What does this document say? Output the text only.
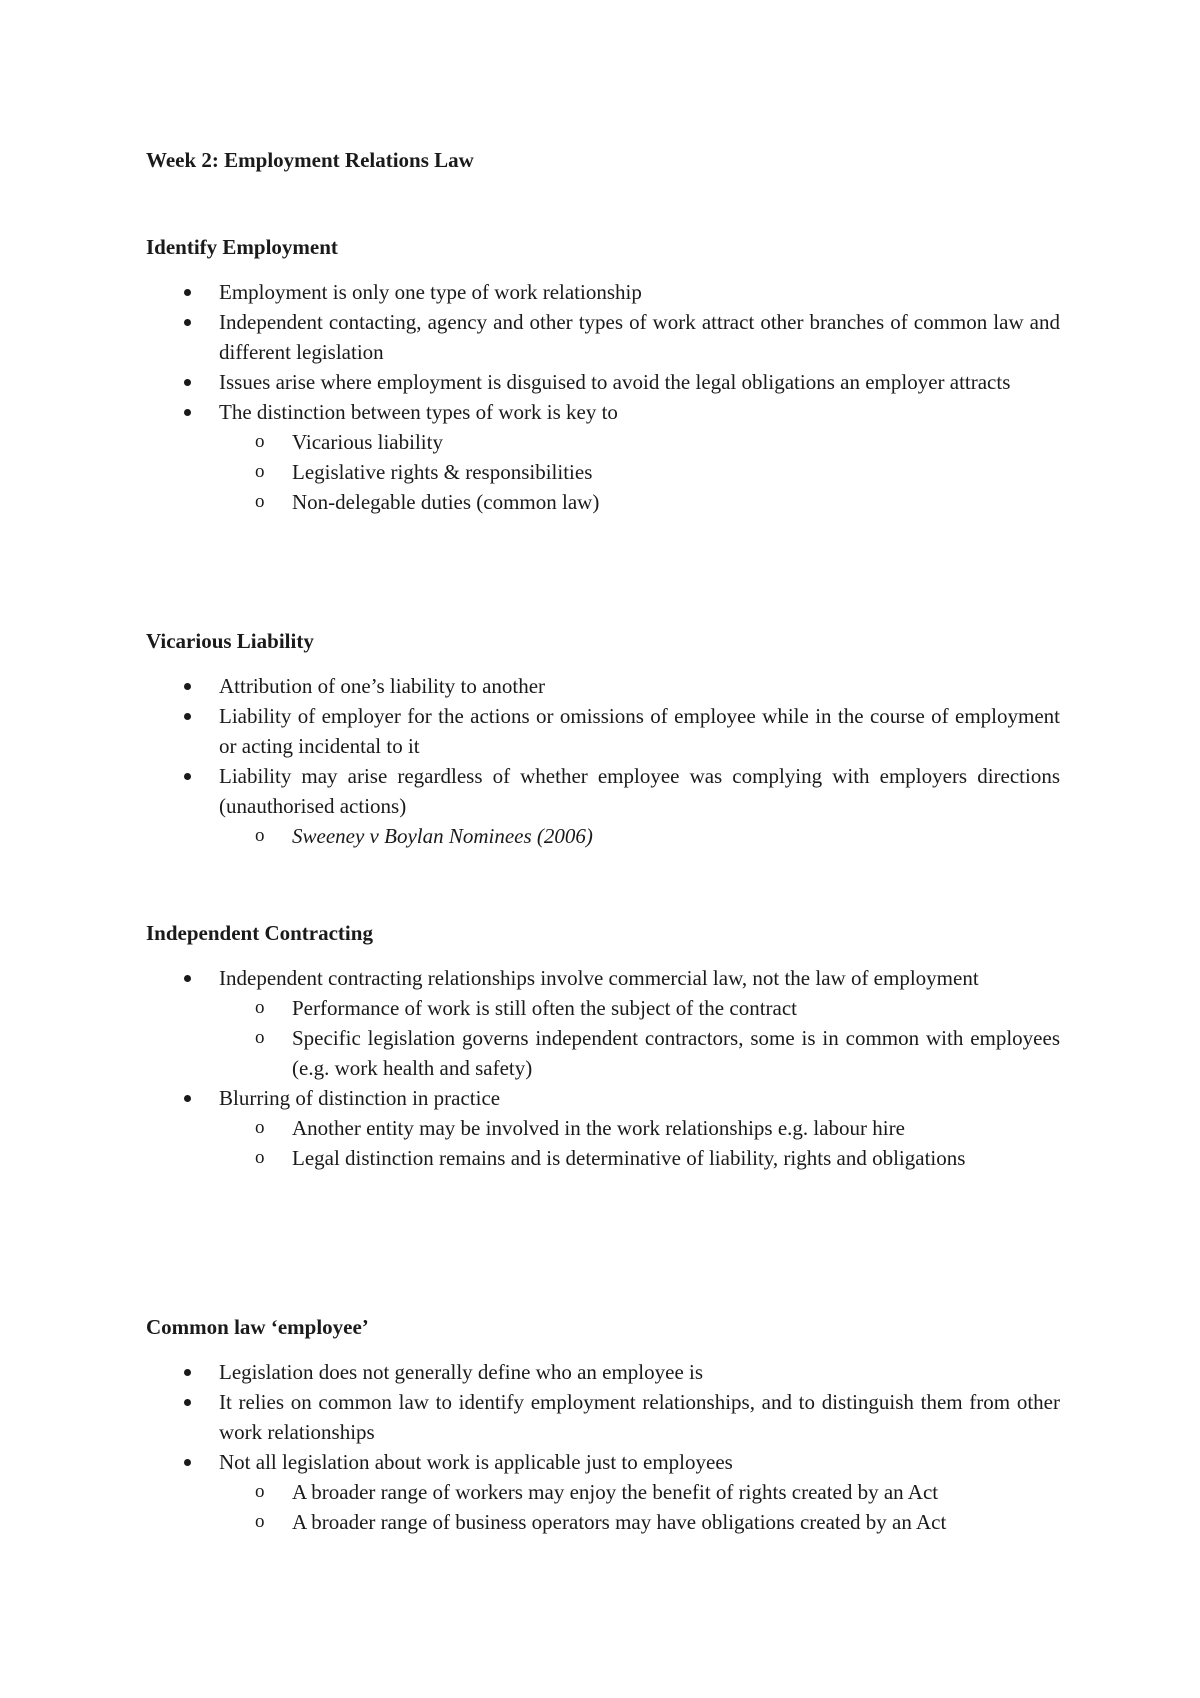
Week 2: Employment Relations Law

Identify Employment
Employment is only one type of work relationship
Independent contacting, agency and other types of work attract other branches of common law and different legislation
Issues arise where employment is disguised to avoid the legal obligations an employer attracts
The distinction between types of work is key to
o Vicarious liability
o Legislative rights & responsibilities
o Non-delegable duties (common law)
Vicarious Liability
Attribution of one’s liability to another
Liability of employer for the actions or omissions of employee while in the course of employment or acting incidental to it
Liability may arise regardless of whether employee was complying with employers directions (unauthorised actions)
o Sweeney v Boylan Nominees (2006)
Independent Contracting
Independent contracting relationships involve commercial law, not the law of employment
o Performance of work is still often the subject of the contract
o Specific legislation governs independent contractors, some is in common with employees (e.g. work health and safety)
Blurring of distinction in practice
o Another entity may be involved in the work relationships e.g. labour hire
o Legal distinction remains and is determinative of liability, rights and obligations
Common law ‘employee’
Legislation does not generally define who an employee is
It relies on common law to identify employment relationships, and to distinguish them from other work relationships
Not all legislation about work is applicable just to employees
o A broader range of workers may enjoy the benefit of rights created by an Act
o A broader range of business operators may have obligations created by an Act
